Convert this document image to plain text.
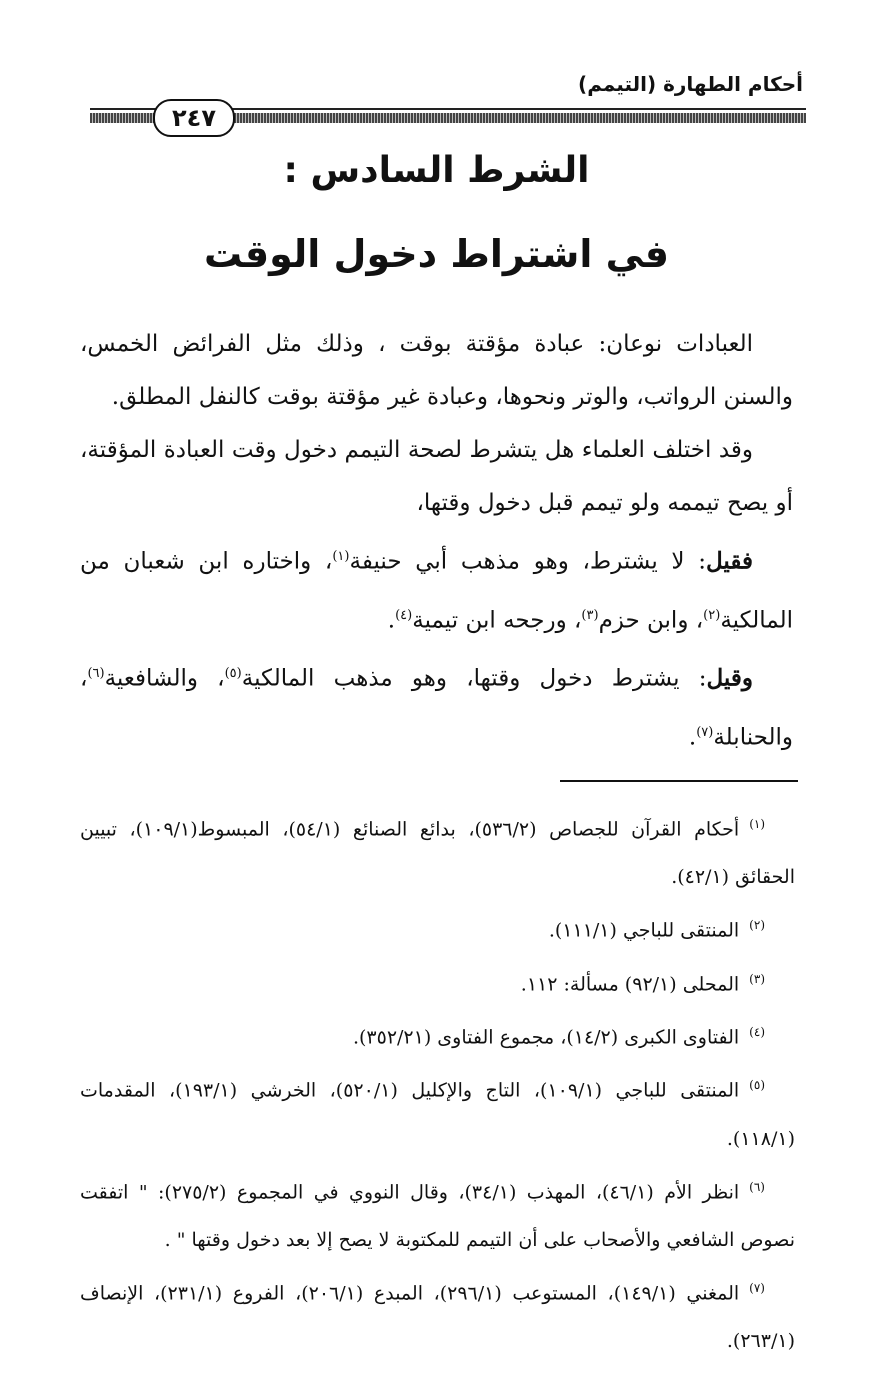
أحكام الطهارة (التيمم)
٢٤٧
الشرط السادس :
في اشتراط دخول الوقت

العبادات نوعان: عبادة مؤقتة بوقت ، وذلك مثل الفرائض الخمس، والسنن الرواتب، والوتر ونحوها، وعبادة غير مؤقتة بوقت كالنفل المطلق.

وقد اختلف العلماء هل يتشرط لصحة التيمم دخول وقت العبادة المؤقتة، أو يصح تيممه ولو تيمم قبل دخول وقتها،

فقيل: لا يشترط، وهو مذهب أبي حنيفة$^{(١)}$، واختاره ابن شعبان من المالكية$^{(٢)}$، وابن حزم$^{(٣)}$، ورجحه ابن تيمية$^{(٤)}$.

وقيل: يشترط دخول وقتها، وهو مذهب المالكية$^{(٥)}$، والشافعية$^{(٦)}$، والحنابلة$^{(٧)}$.

$^{(١)}$أحكام القرآن للجصاص (٥٣٦/٢)، بدائع الصنائع (٥٤/١)، المبسوط(١٠٩/١)، تبيين الحقائق (٤٢/١).

$^{(٢)}$المنتقى للباجي (١١١/١).

$^{(٣)}$المحلى (٩٢/١) مسألة: ١١٢.

$^{(٤)}$الفتاوى الكبرى (١٤/٢)، مجموع الفتاوى (٣٥٢/٢١).

$^{(٥)}$المنتقى للباجي (١٠٩/١)، التاج والإكليل (٥٢٠/١)، الخرشي (١٩٣/١)، المقدمات (١١٨/١).

$^{(٦)}$انظر الأم (٤٦/١)، المهذب (٣٤/١)، وقال النووي في المجموع (٢٧٥/٢): " اتفقت نصوص الشافعي والأصحاب على أن التيمم للمكتوبة لا يصح إلا بعد دخول وقتها " .

$^{(٧)}$المغني (١٤٩/١)، المستوعب (٢٩٦/١)، المبدع (٢٠٦/١)، الفروع (٢٣١/١)، الإنصاف (٢٦٣/١).
